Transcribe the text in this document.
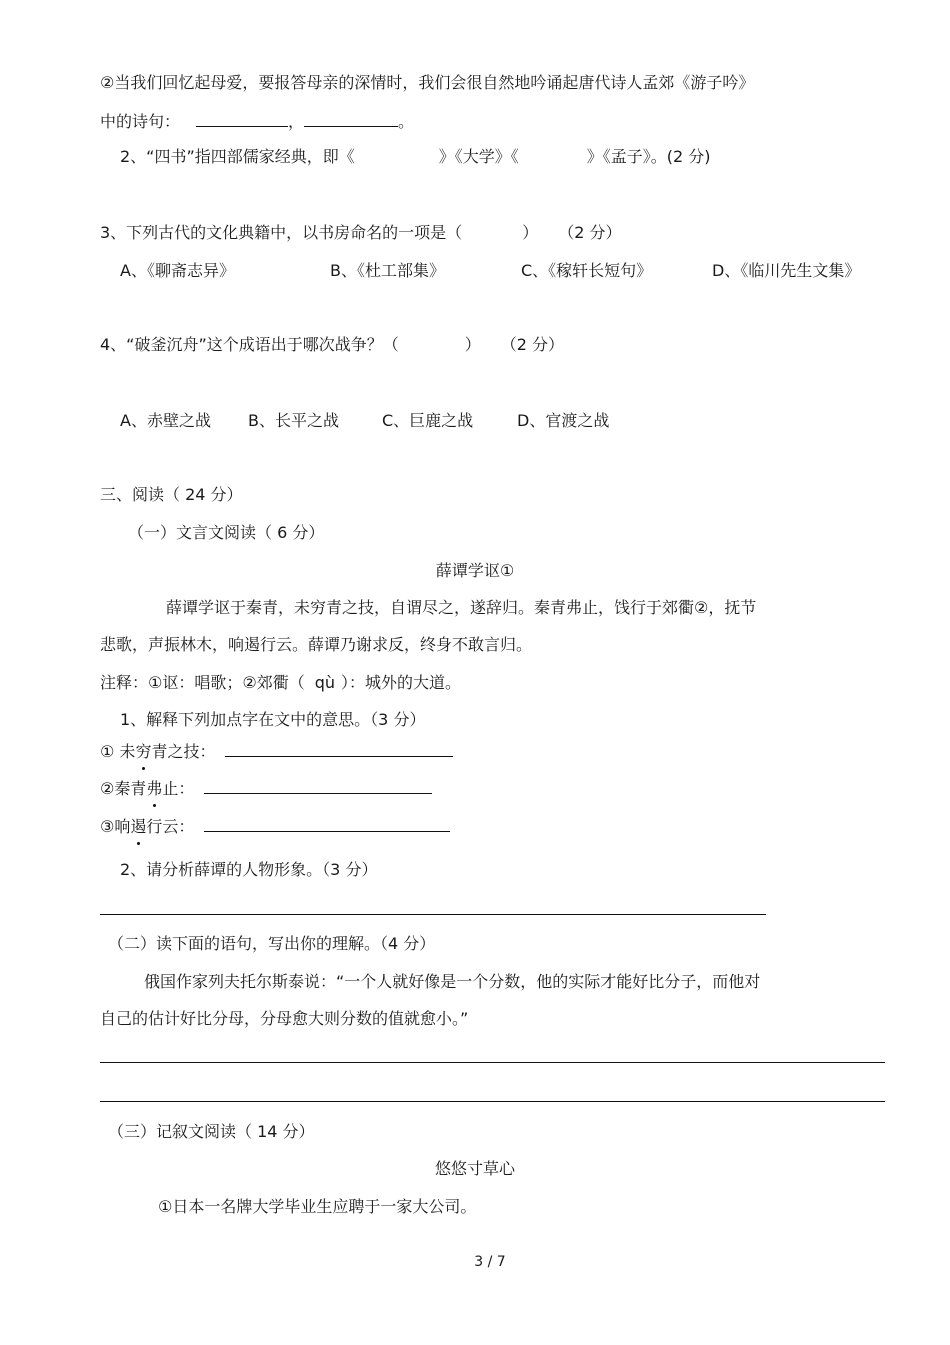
②当我们回忆起母爱，要报答母亲的深情时，我们会很自然地吟诵起唐代诗人孟郊《游子吟》
中的诗句：	，	。
2、“四书”指四部儒家经典，即《	》《大学》《	》《孟子》。(2 分)
3、下列古代的文化典籍中，以书房命名的一项是（	） （2 分）
A、《聊斋志异》	B、《杜工部集》	C、《稼轩长短句》	D、《临川先生文集》
4、“破釜沉舟”这个成语出于哪次战争？（	） （2 分）
A、赤壁之战 B、长平之战	C、巨鹿之战	D、官渡之战
三、阅读（ 24 分）
（一）文言文阅读（ 6 分）
薛谭学讴①
薛谭学讴于秦青，未穷青之技，自谓尽之，遂辞归。秦青弗止，饯行于郊衢②，抚节
悲歌，声振林木，响遏行云。薛谭乃谢求反，终身不敢言归。
注释：①讴：唱歌；②郊衢（ qù ）：城外的大道。
1、解释下列加点字在文中的意思。（3 分）
① 未穷青之技：
②秦青弗止：
③响遏行云：
2、请分析薛谭的人物形象。（3 分）
（二）读下面的语句，写出你的理解。（4 分）
俄国作家列夫托尔斯泰说：“一个人就好像是一个分数，他的实际才能好比分子，而他对
自己的估计好比分母，分母愈大则分数的值就愈小。”
（三）记叙文阅读（ 14 分）
悠悠寸草心
①日本一名牌大学毕业生应聘于一家大公司。
3 / 7
